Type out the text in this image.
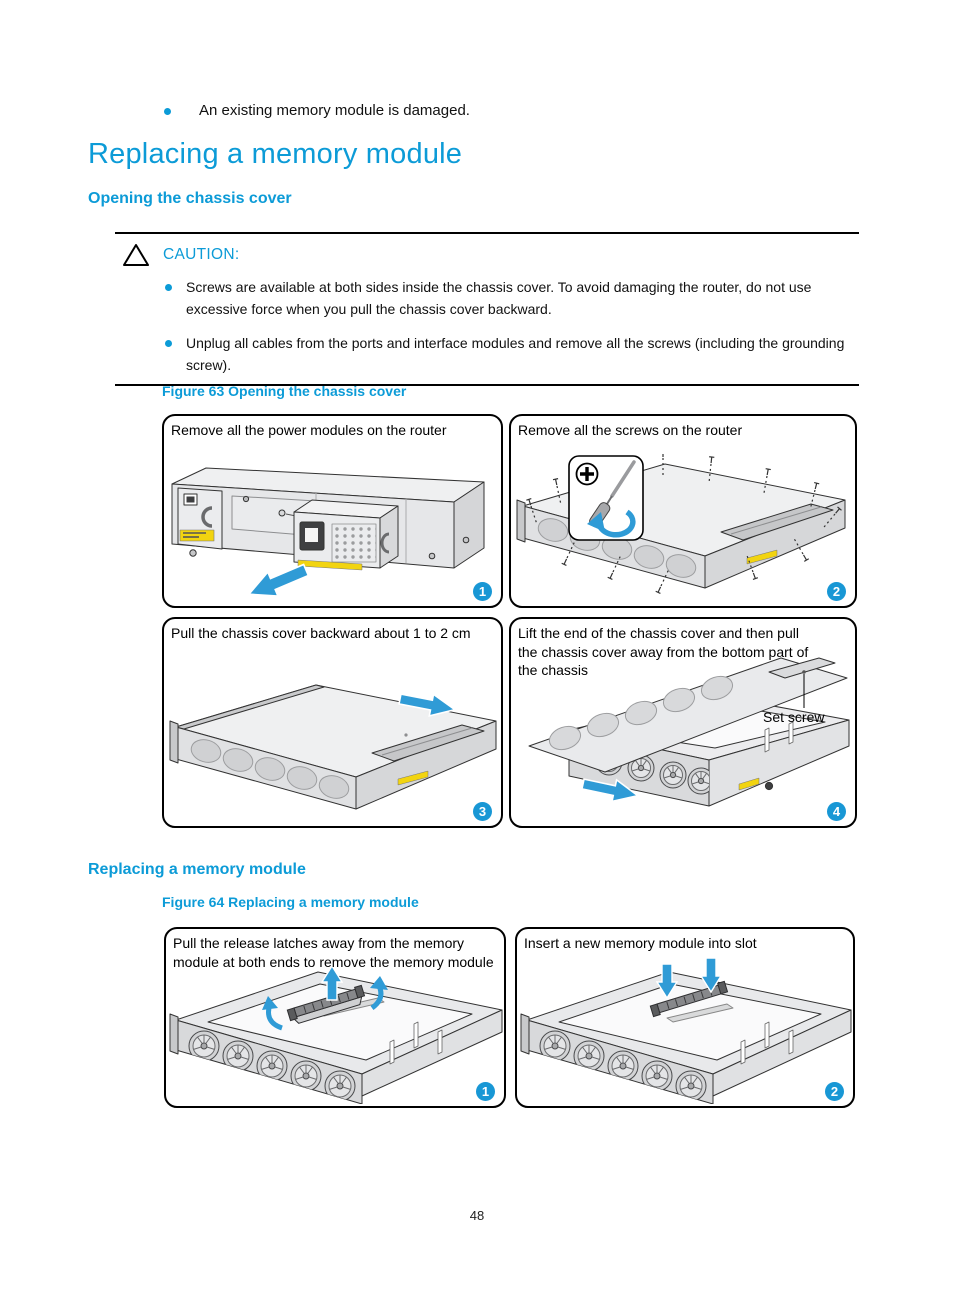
An existing memory module is damaged.
Replacing a memory module
Opening the chassis cover
CAUTION:
Screws are available at both sides inside the chassis cover. To avoid damaging the router, do not use excessive force when you pull the chassis cover backward.
Unplug all cables from the ports and interface modules and remove all the screws (including the grounding screw).
Figure 63 Opening the chassis cover
Remove all the power modules on the router
1
Remove all the screws on the router
2
Pull the chassis cover backward about 1 to 2 cm
3
Lift the end of the chassis cover and then pull the chassis cover away from the bottom part of the chassis
Set screw
4
Replacing a memory module
Figure 64 Replacing a memory module
Pull the release latches away from the memory module at both ends to remove the memory module
1
Insert a new memory module into slot
2
48
